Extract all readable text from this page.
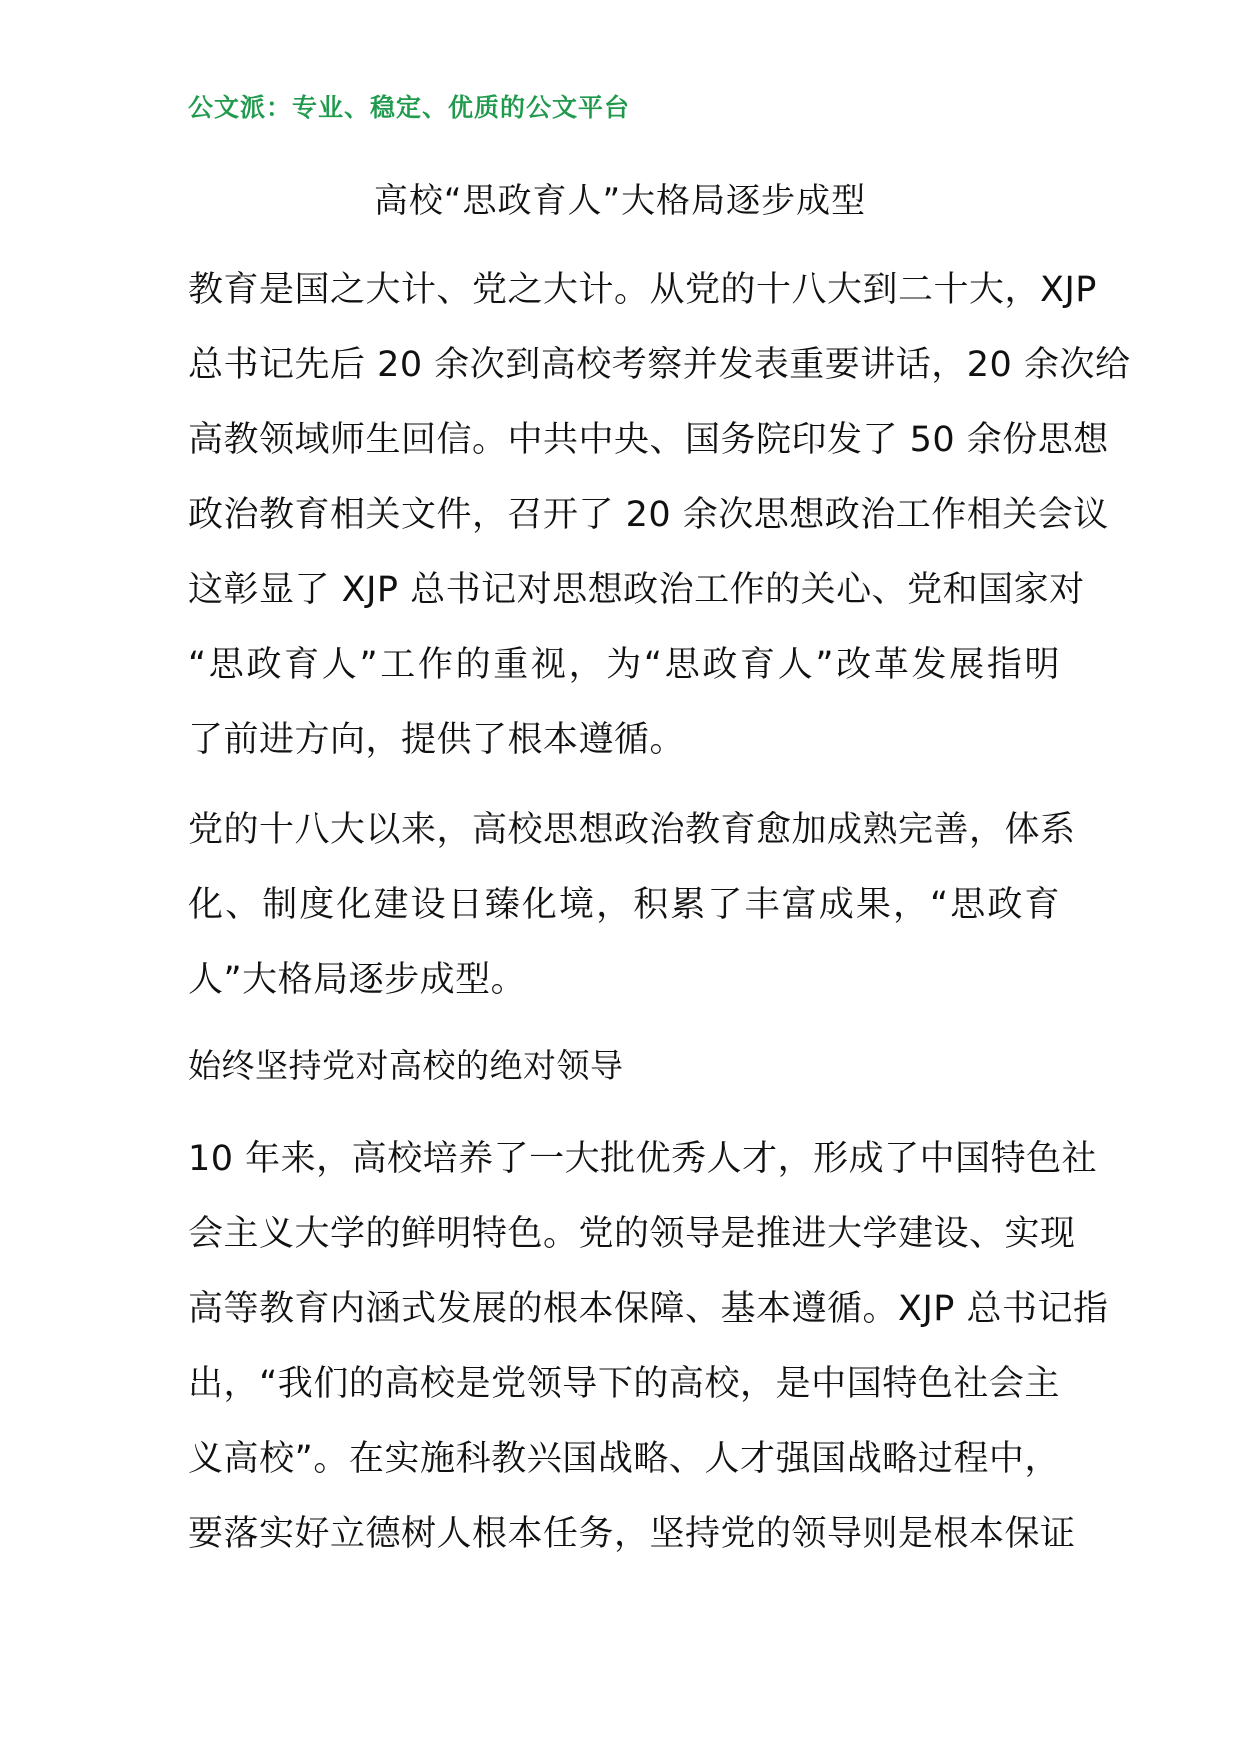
公文派：专业、稳定、优质的公文平台
高校“思政育人”大格局逐步成型
教育是国之大计、党之大计。从党的十八大到二十大，XJP
总书记先后 20 余次到高校考察并发表重要讲话，20 余次给
高教领域师生回信。中共中央、国务院印发了 50 余份思想
政治教育相关文件，召开了 20 余次思想政治工作相关会议
这彰显了 XJP 总书记对思想政治工作的关心、党和国家对
“思政育人”工作的重视，为“思政育人”改革发展指明
了前进方向，提供了根本遵循。
党的十八大以来，高校思想政治教育愈加成熟完善，体系
化、制度化建设日臻化境，积累了丰富成果，“思政育
人”大格局逐步成型。
始终坚持党对高校的绝对领导
10 年来，高校培养了一大批优秀人才，形成了中国特色社
会主义大学的鲜明特色。党的领导是推进大学建设、实现
高等教育内涵式发展的根本保障、基本遵循。XJP 总书记指
出，“我们的高校是党领导下的高校，是中国特色社会主
义高校”。在实施科教兴国战略、人才强国战略过程中，
要落实好立德树人根本任务，坚持党的领导则是根本保证
